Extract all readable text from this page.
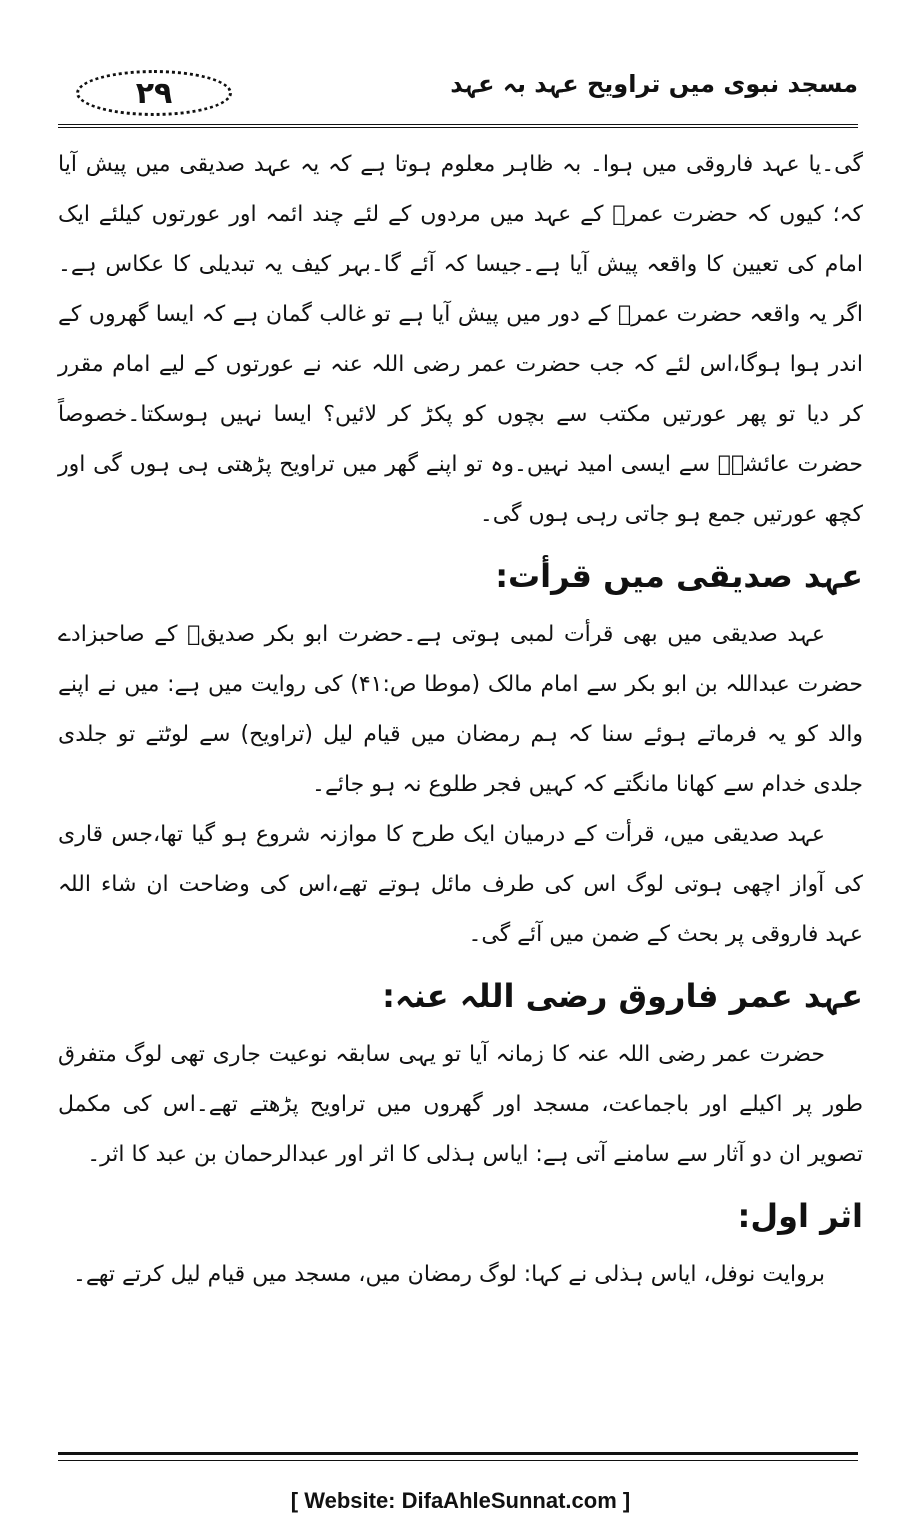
۲۹	مسجد نبوی میں تراویح عہد بہ عہد

گی۔یا عہد فاروقی میں ہوا۔ بہ ظاہر معلوم ہوتا ہے کہ یہ عہد صدیقی میں پیش آیا کہ؛ کیوں کہ حضرت عمرؓ کے عہد میں مردوں کے لئے چند ائمہ اور عورتوں کیلئے ایک امام کی تعیین کا واقعہ پیش آیا ہے۔جیسا کہ آئے گا۔بہر کیف یہ تبدیلی کا عکاس ہے۔اگر یہ واقعہ حضرت عمرؓ کے دور میں پیش آیا ہے تو غالب گمان ہے کہ ایسا گھروں کے اندر ہوا ہوگا،اس لئے کہ جب حضرت عمر رضی اللہ عنہ نے عورتوں کے لیے امام مقرر کر دیا تو پھر عورتیں مکتب سے بچوں کو پکڑ کر لائیں؟ ایسا نہیں ہوسکتا۔خصوصاً حضرت عائشہؓ سے ایسی امید نہیں۔وہ تو اپنے گھر میں تراویح پڑھتی ہی ہوں گی اور کچھ عورتیں جمع ہو جاتی رہی ہوں گی۔

عہد صدیقی میں قرأت:

عہد صدیقی میں بھی قرأت لمبی ہوتی ہے۔حضرت ابو بکر صدیقؓ کے صاحبزادے حضرت عبداللہ بن ابو بکر سے امام مالک (موطا ص:۴۱) کی روایت میں ہے: میں نے اپنے والد کو یہ فرماتے ہوئے سنا کہ ہم رمضان میں قیام لیل (تراویح) سے لوٹتے تو جلدی جلدی خدام سے کھانا مانگتے کہ کہیں فجر طلوع نہ ہو جائے۔

عہد صدیقی میں، قرأت کے درمیان ایک طرح کا موازنہ شروع ہو گیا تھا،جس قاری کی آواز اچھی ہوتی لوگ اس کی طرف مائل ہوتے تھے،اس کی وضاحت ان شاء اللہ عہد فاروقی پر بحث کے ضمن میں آئے گی۔

عہد عمر فاروق رضی اللہ عنہ:

حضرت عمر رضی اللہ عنہ کا زمانہ آیا تو یہی سابقہ نوعیت جاری تھی لوگ متفرق طور پر اکیلے اور باجماعت، مسجد اور گھروں میں تراویح پڑھتے تھے۔اس کی مکمل تصویر ان دو آثار سے سامنے آتی ہے: ایاس ہذلی کا اثر اور عبدالرحمان بن عبد کا اثر۔

اثر اول:

بروایت نوفل، ایاس ہذلی نے کہا: لوگ رمضان میں، مسجد میں قیام لیل کرتے تھے۔

[ Website: DifaAhleSunnat.com ]
